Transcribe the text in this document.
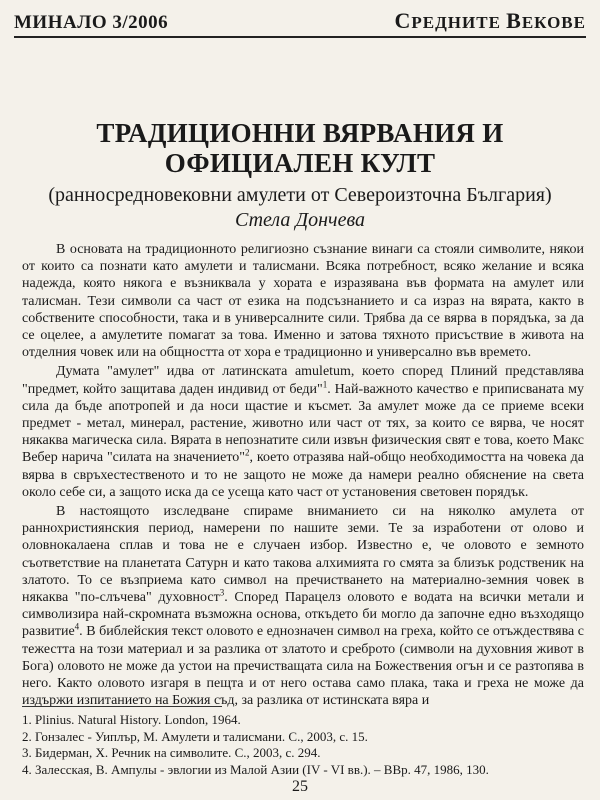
МИНАЛО 3/2006	СРЕДНИТЕ ВЕКОВЕ
ТРАДИЦИОННИ ВЯРВАНИЯ И
ОФИЦИАЛЕН КУЛТ
(ранносредновековни амулети от Североизточна България)
Стела Дончева

В основата на традиционното религиозно съзнание винаги са стояли символите, някои от които са познати като амулети и талисмани. Всяка потребност, всяко желание и всяка надежда, която някога е възниквала у хората е изразявана във формата на амулет или талисман. Тези символи са част от езика на подсъзнанието и са израз на вярата, както в собствените способности, така и в универсалните сили. Трябва да се вярва в порядъка, за да се оцелее, а амулетите помагат за това. Именно и затова тяхното присъствие в живота на отделния човек или на общността от хора е традиционно и универсално във времето.

Думата "амулет" идва от латинската amuletum, което според Плиний представлява "предмет, който защитава даден индивид от беди"$^1$. Най-важното качество е приписваната му сила да бъде апотропей и да носи щастие и късмет. За амулет може да се приеме всеки предмет - метал, минерал, растение, животно или част от тях, за които се вярва, че носят някаква магическа сила. Вярата в непознатите сили извън физическия свят е това, което Макс Вебер нарича "силата на значението"$^2$, което отразява най-общо необходимостта на човека да вярва в свръхестественото и то не защото не може да намери реално обяснение на света около себе си, а защото иска да се усеща като част от установения световен порядък.

В настоящото изследване спираме вниманието си на няколко амулета от раннохристиянския период, намерени по нашите земи. Те за изработени от олово и оловнокалаена сплав и това не е случаен избор. Известно е, че оловото е земното съответствие на планетата Сатурн и като такова алхимията го смята за близък родственик на златото. То се възприема като символ на пречистването на материално-земния човек в някаква "по-слъчева" духовност$^3$. Според Парацелз оловото е водата на всички метали и символизира най-скромната възможна основа, откъдето би могло да започне едно възходящо развитие$^4$. В библейския текст оловото е еднозначен символ на греха, който се отъждествява с тежестта на този материал и за разлика от златото и среброто (символи на духовния живот в Бога) оловото не може да устои на пречистващата сила на Божествения огън и се разтопява в него. Както оловото изгаря в пещта и от него остава само плака, така и греха не може да издържи изпитанието на Божия съд, за разлика от истинската вяра и

1. Plinius. Natural History. London, 1964.
2. Гонзалес - Уиплър, М. Амулети и талисмани. С., 2003, с. 15.
3. Бидерман, Х. Речник на символите. С., 2003, с. 294.
4. Залесская, В. Ампулы - эвлогии из Малой Азии (IV - VI вв.). – ВВр. 47, 1986, 130.
25
